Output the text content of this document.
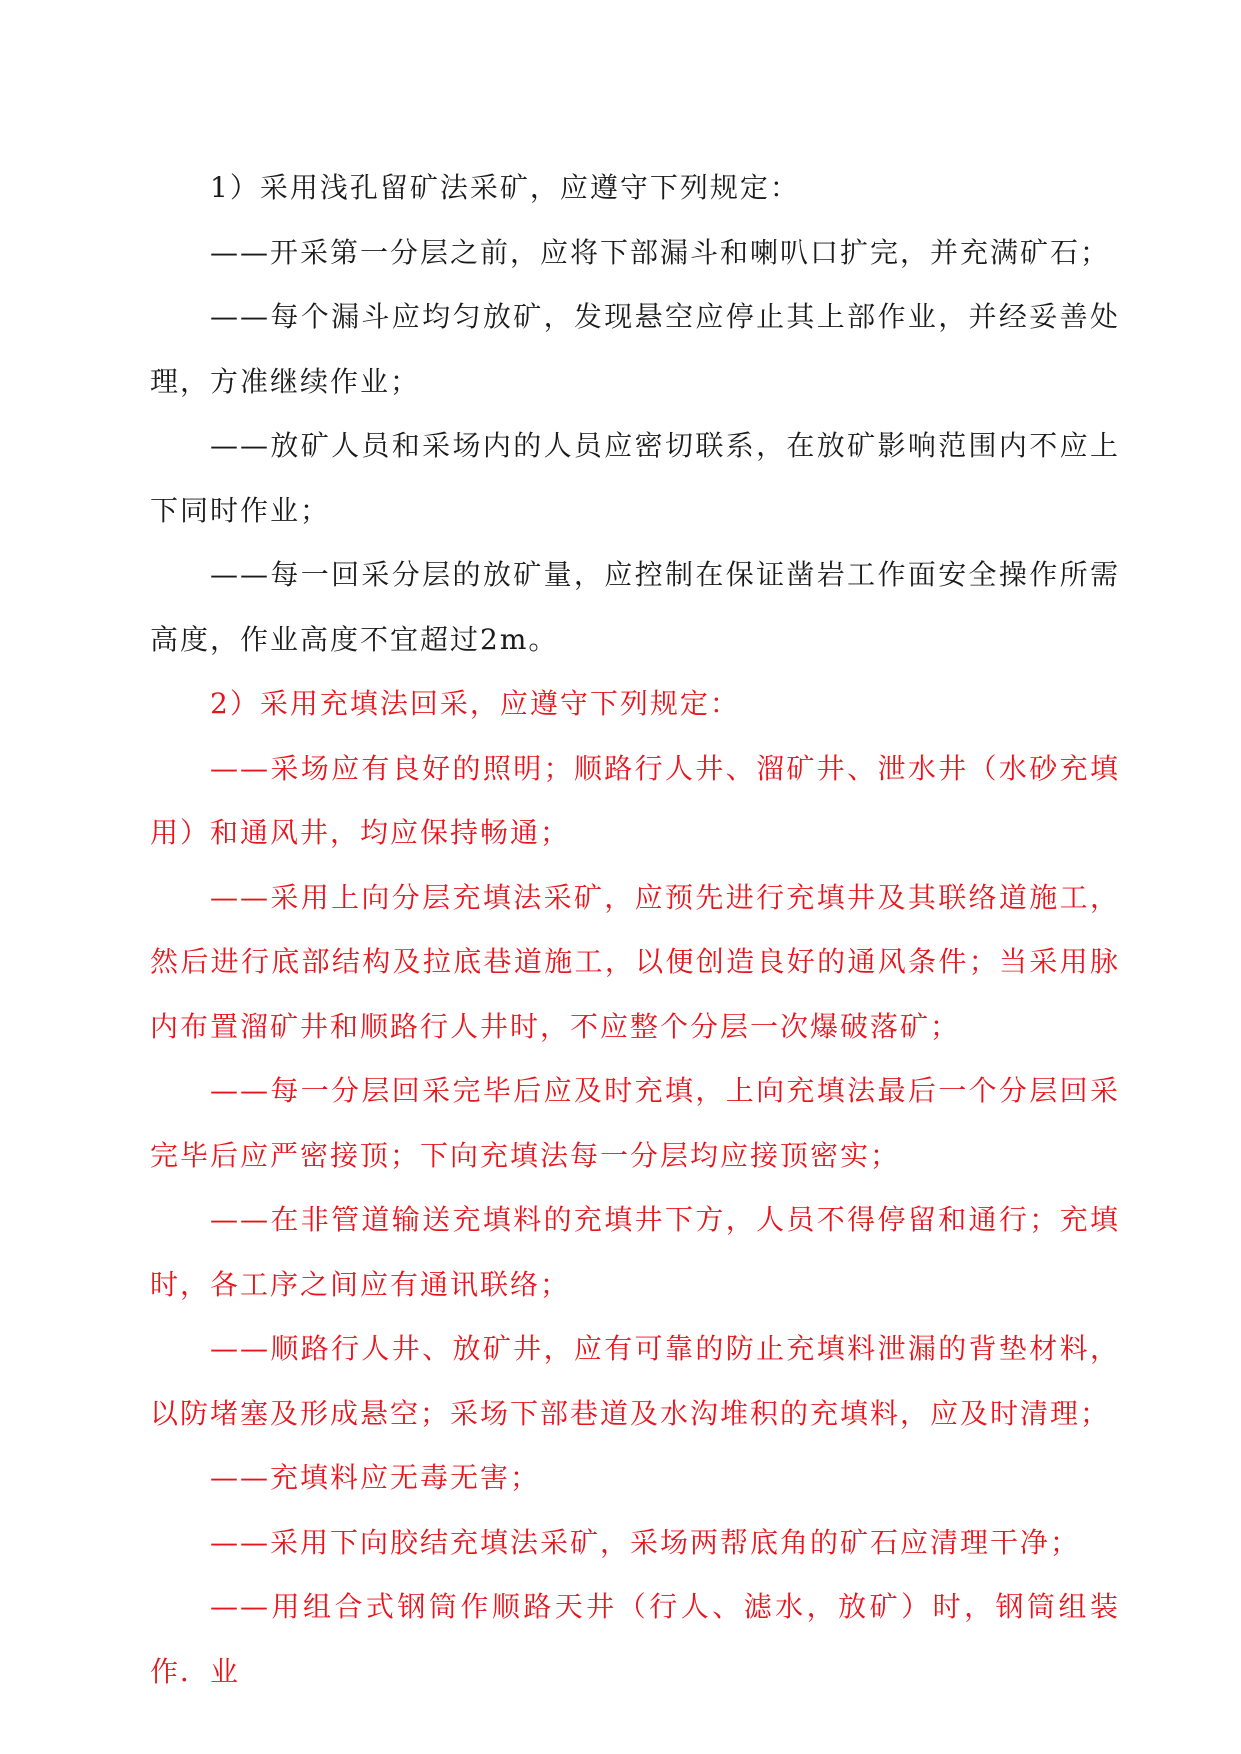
1）采用浅孔留矿法采矿，应遵守下列规定：

——开采第一分层之前，应将下部漏斗和喇叭口扩完，并充满矿石；

——每个漏斗应均匀放矿，发现悬空应停止其上部作业，并经妥善处理，方准继续作业；

——放矿人员和采场内的人员应密切联系，在放矿影响范围内不应上下同时作业；

——每一回采分层的放矿量，应控制在保证凿岩工作面安全操作所需高度，作业高度不宜超过2m。

2）采用充填法回采，应遵守下列规定：

——采场应有良好的照明；顺路行人井、溜矿井、泄水井（水砂充填用）和通风井，均应保持畅通；

——采用上向分层充填法采矿，应预先进行充填井及其联络道施工，然后进行底部结构及拉底巷道施工，以便创造良好的通风条件；当采用脉内布置溜矿井和顺路行人井时，不应整个分层一次爆破落矿；

——每一分层回采完毕后应及时充填，上向充填法最后一个分层回采完毕后应严密接顶；下向充填法每一分层均应接顶密实；

——在非管道输送充填料的充填井下方，人员不得停留和通行；充填时，各工序之间应有通讯联络；

——顺路行人井、放矿井，应有可靠的防止充填料泄漏的背垫材料，以防堵塞及形成悬空；采场下部巷道及水沟堆积的充填料，应及时清理；

——充填料应无毒无害；

——采用下向胶结充填法采矿，采场两帮底角的矿石应清理干净；

——用组合式钢筒作顺路天井（行人、滤水，放矿）时，钢筒组装作．业
